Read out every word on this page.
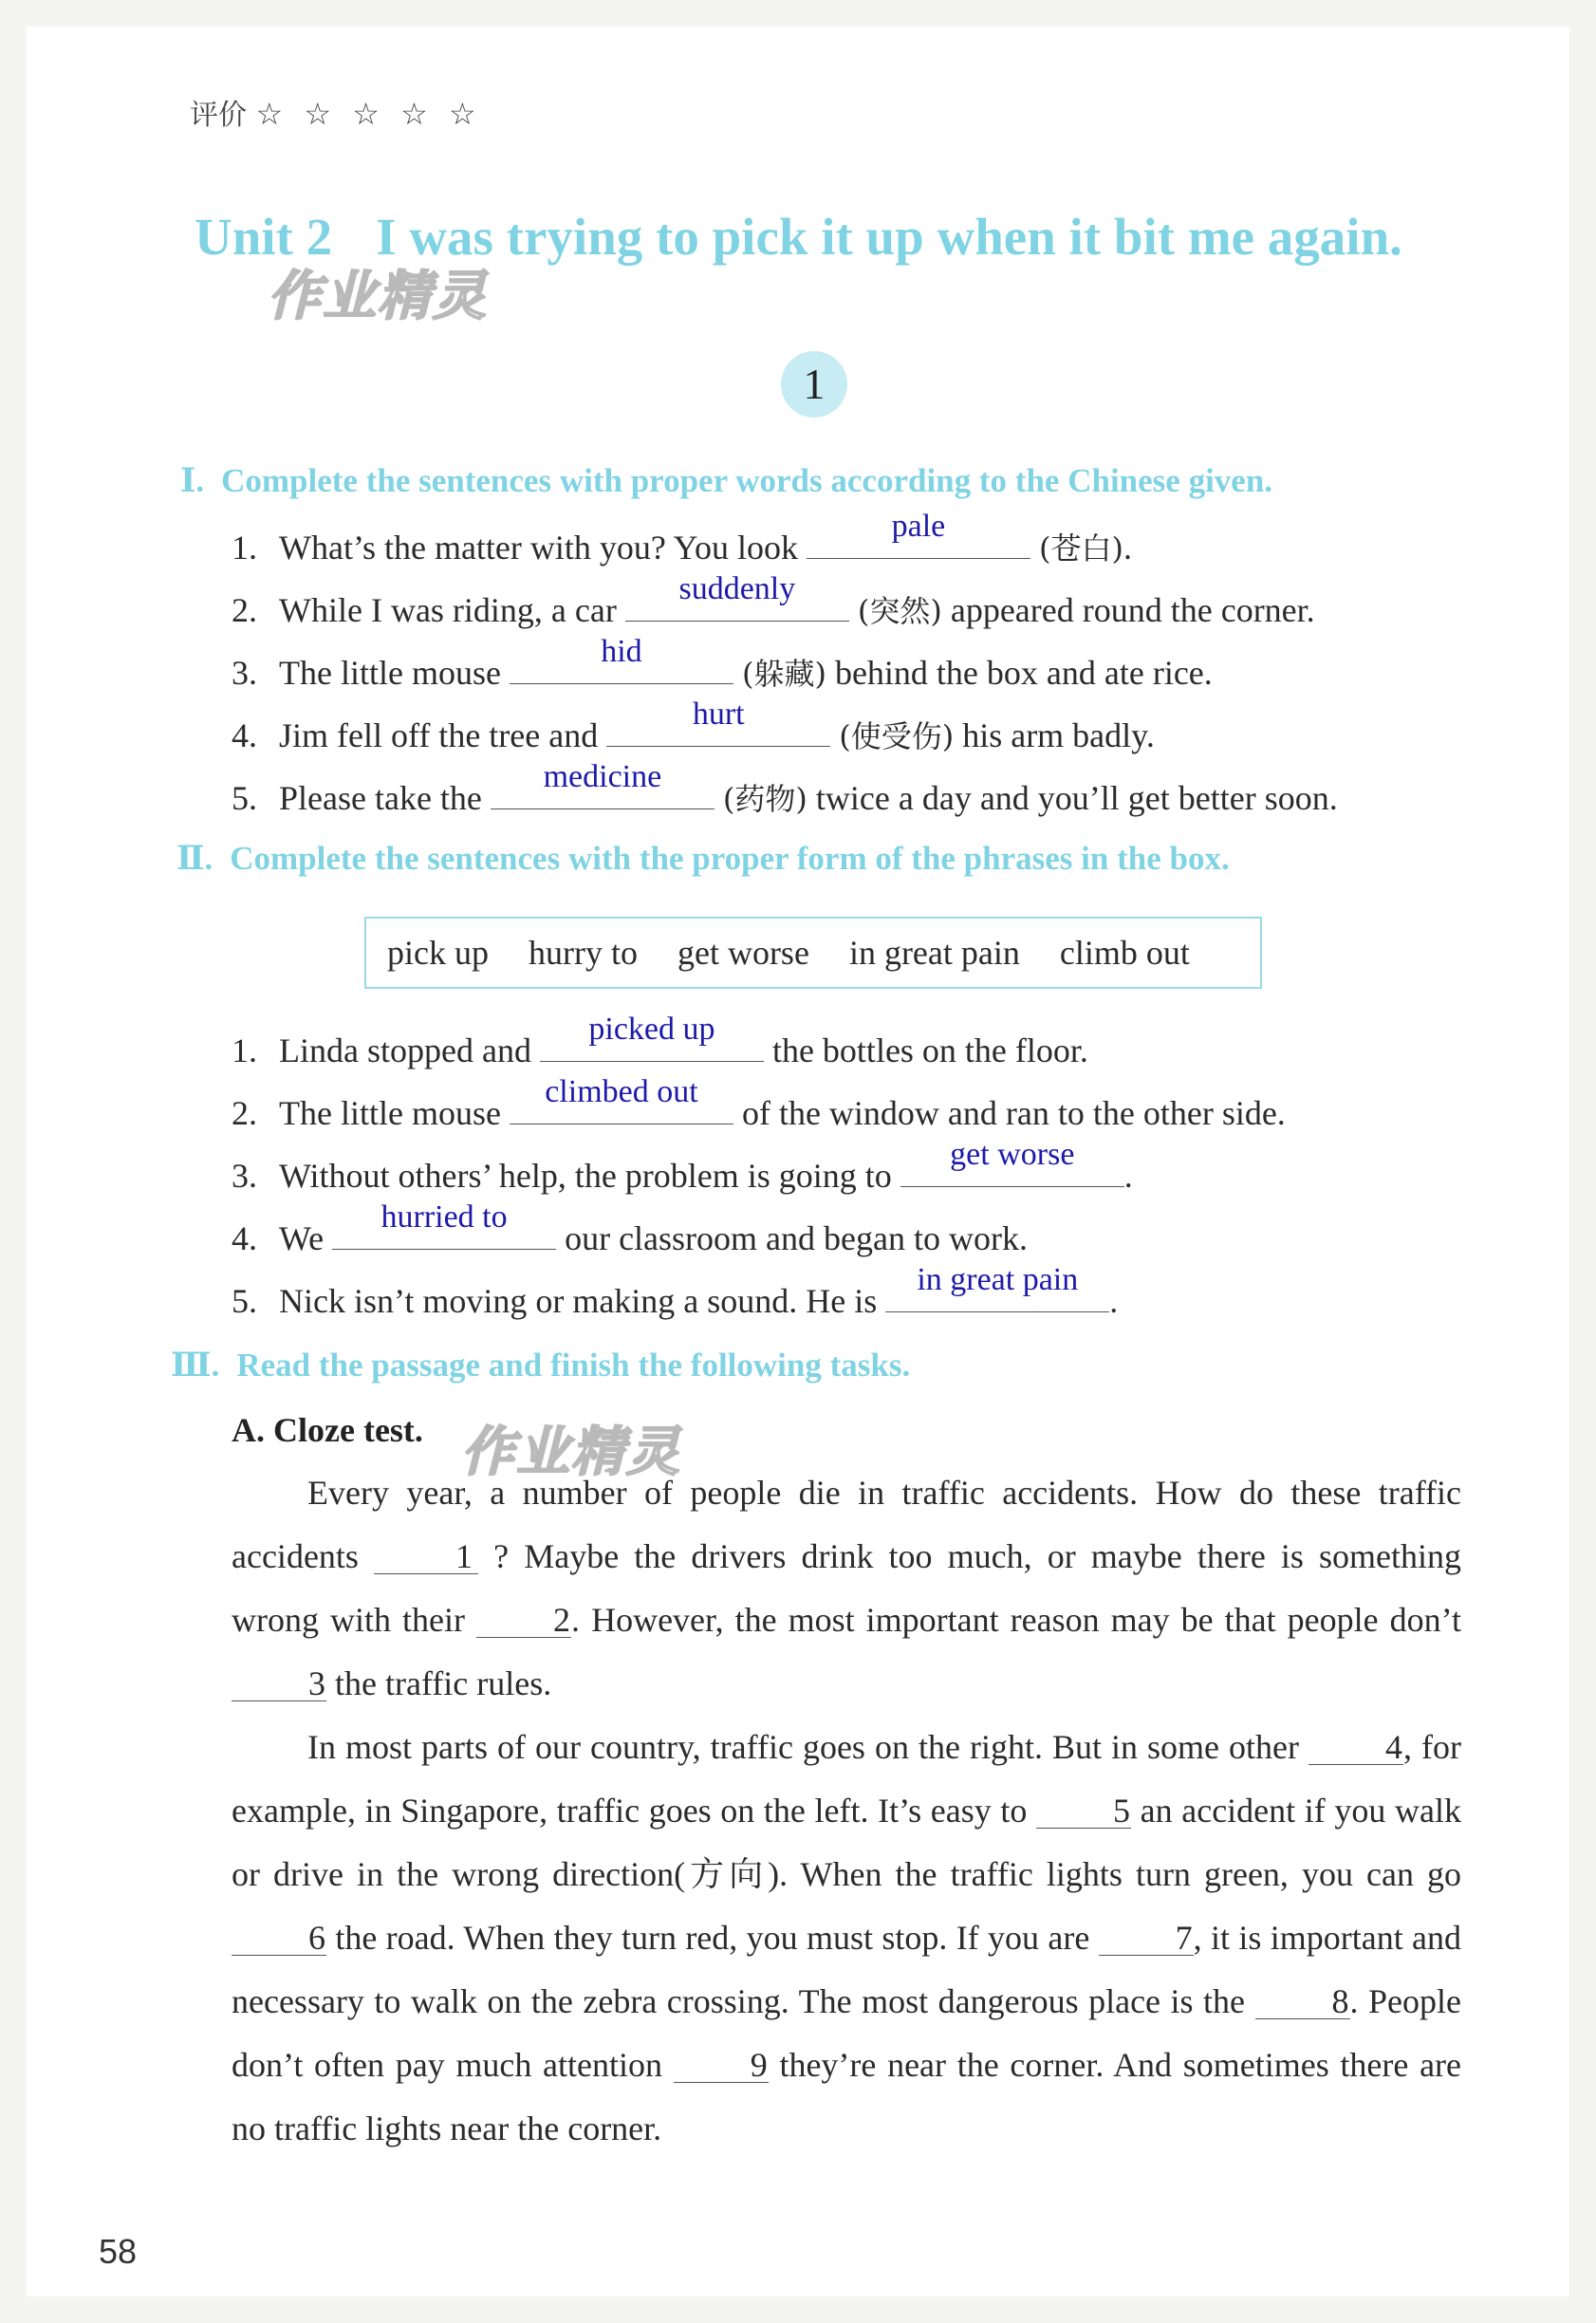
评价 ☆ ☆ ☆ ☆ ☆
Unit 2 I was trying to pick it up when it bit me again.
作业精灵
1
Ⅰ. Complete the sentences with proper words according to the Chinese given.
1. What’s the matter with you? You look
pale
(苍白).
2. While I was riding, a car
suddenly
(突然) appeared round the corner.
3. The little mouse
hid
(躲藏) behind the box and ate rice.
4. Jim fell off the tree and
hurt
(使受伤) his arm badly.
5. Please take the
medicine
(药物) twice a day and you’ll get better soon.
Ⅱ. Complete the sentences with the proper form of the phrases in the box.
pick up hurry to get worse in great pain climb out
1. Linda stopped and
picked up
the bottles on the floor.
2. The little mouse
climbed out
of the window and ran to the other side.
3. Without others’ help, the problem is going to
get worse
.
4. We
hurried to
our classroom and began to work.
5. Nick isn’t moving or making a sound. He is
in great pain
.
Ⅲ. Read the passage and finish the following tasks.
A. Cloze test. 作业精灵

Every year, a number of people die in traffic accidents. How do these traffic accidents	1 ? Maybe the drivers drink too much, or maybe there is something wrong with their	2. However, the most important reason may be that people don’t 3 the traffic rules.

In most parts of our country, traffic goes on the right. But in some other	4, for example, in Singapore, traffic goes on the left. It’s easy to	5 an accident if you walk or drive in the wrong direction(方向). When the traffic lights turn green, you can go 6 the road. When they turn red, you must stop. If you are	7, it is important and necessary to walk on the zebra crossing. The most dangerous place is the	8. People don’t often pay much attention	9 they’re near the corner. And sometimes there are no traffic lights near the corner.

58
